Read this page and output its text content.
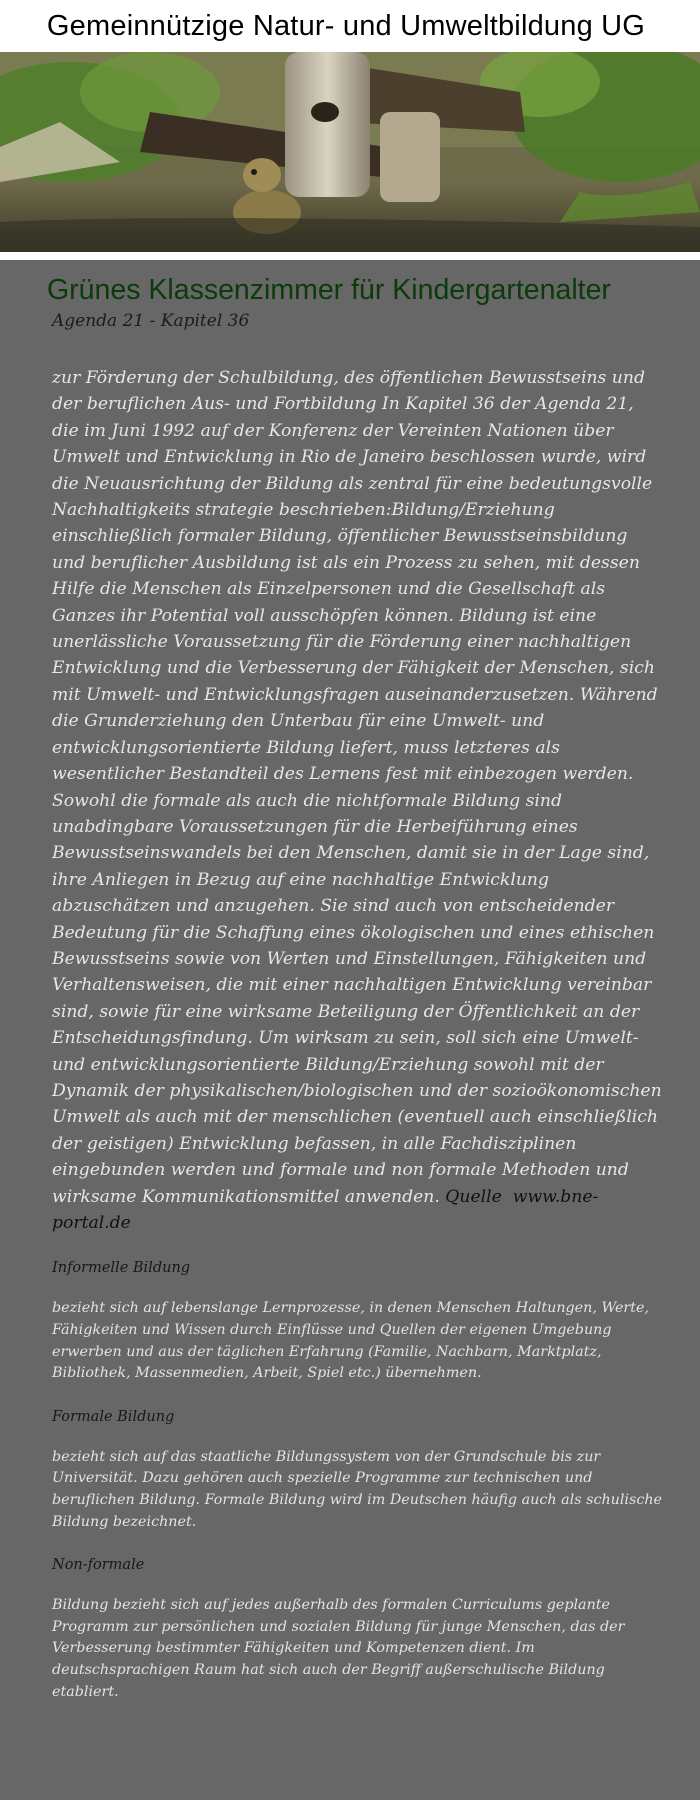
Gemeinnützige Natur- und Umweltbildung UG
Grünes Klassenzimmer für Kindergartenalter
Agenda 21 - Kapitel 36

zur Förderung der Schulbildung, des öffentlichen Bewusstseins und der beruflichen Aus- und Fortbildung In Kapitel 36 der Agenda 21, die im Juni 1992 auf der Konferenz der Vereinten Nationen über Umwelt und Entwicklung in Rio de Janeiro beschlossen wurde, wird die Neuausrichtung der Bildung als zentral für eine bedeutungsvolle Nachhaltigkeits strategie beschrieben:Bildung/Erziehung einschließlich formaler Bildung, öffentlicher Bewusstseinsbildung und beruflicher Ausbildung ist als ein Prozess zu sehen, mit dessen Hilfe die Menschen als Einzelpersonen und die Gesellschaft als Ganzes ihr Potential voll ausschöpfen können. Bildung ist eine unerlässliche Voraussetzung für die Förderung einer nachhaltigen Entwicklung und die Verbesserung der Fähigkeit der Menschen, sich mit Umwelt- und Entwicklungsfragen auseinanderzusetzen. Während die Grunderziehung den Unterbau für eine Umwelt- und entwicklungsorientierte Bildung liefert, muss letzteres als wesentlicher Bestandteil des Lernens fest mit einbezogen werden. Sowohl die formale als auch die nichtformale Bildung sind unabdingbare Voraussetzungen für die Herbeiführung eines Bewusstseinswandels bei den Menschen, damit sie in der Lage sind, ihre Anliegen in Bezug auf eine nachhaltige Entwicklung abzuschätzen und anzugehen. Sie sind auch von entscheidender Bedeutung für die Schaffung eines ökologischen und eines ethischen Bewusstseins sowie von Werten und Einstellungen, Fähigkeiten und Verhaltensweisen, die mit einer nachhaltigen Entwicklung vereinbar sind, sowie für eine wirksame Beteiligung der Öffentlichkeit an der Entscheidungsfindung. Um wirksam zu sein, soll sich eine Umwelt- und entwicklungsorientierte Bildung/Erziehung sowohl mit der Dynamik der physikalischen/biologischen und der sozioökonomischen Umwelt als auch mit der menschlichen (eventuell auch einschließlich der geistigen) Entwicklung befassen, in alle Fachdisziplinen eingebunden werden und formale und non formale Methoden und wirksame Kommunikationsmittel anwenden. Quelle www.bne-portal.de

Informelle Bildung

bezieht sich auf lebenslange Lernprozesse, in denen Menschen Haltungen, Werte, Fähigkeiten und Wissen durch Einflüsse und Quellen der eigenen Umgebung erwerben und aus der täglichen Erfahrung (Familie, Nachbarn, Marktplatz, Bibliothek, Massenmedien, Arbeit, Spiel etc.) übernehmen.

Formale Bildung

bezieht sich auf das staatliche Bildungssystem von der Grundschule bis zur Universität. Dazu gehören auch spezielle Programme zur technischen und beruflichen Bildung. Formale Bildung wird im Deutschen häufig auch als schulische Bildung bezeichnet.

Non-formale

Bildung bezieht sich auf jedes außerhalb des formalen Curriculums geplante Programm zur persönlichen und sozialen Bildung für junge Menschen, das der Verbesserung bestimmter Fähigkeiten und Kompetenzen dient. Im deutschsprachigen Raum hat sich auch der Begriff außerschulische Bildung etabliert.
